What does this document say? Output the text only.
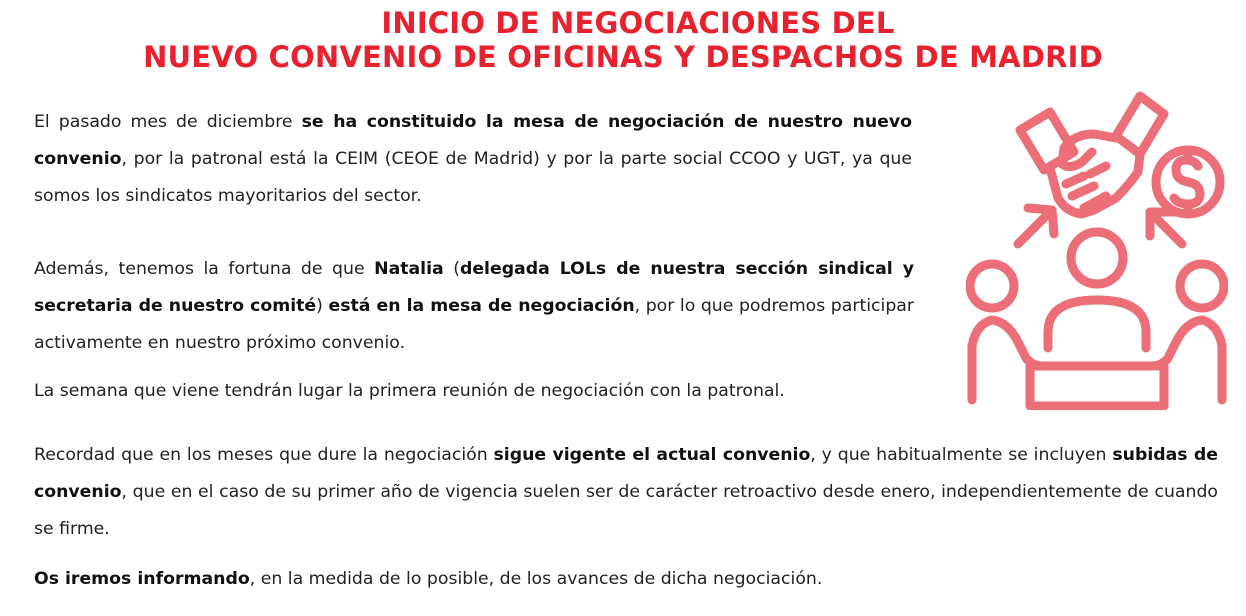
INICIO DE NEGOCIACIONES DEL
NUEVO CONVENIO DE OFICINAS Y DESPACHOS DE MADRID

El pasado mes de diciembre se ha constituido la mesa de negociación de nuestro nuevo convenio, por la patronal está la CEIM (CEOE de Madrid) y por la parte social CCOO y UGT, ya que somos los sindicatos mayoritarios del sector.

Además, tenemos la fortuna de que Natalia (delegada LOLs de nuestra sección sindical y secretaria de nuestro comité) está en la mesa de negociación, por lo que podremos participar activamente en nuestro próximo convenio.

La semana que viene tendrán lugar la primera reunión de negociación con la patronal.

Recordad que en los meses que dure la negociación sigue vigente el actual convenio, y que habitualmente se incluyen subidas de convenio, que en el caso de su primer año de vigencia suelen ser de carácter retroactivo desde enero, independientemente de cuando se firme.

Os iremos informando, en la medida de lo posible, de los avances de dicha negociación.
